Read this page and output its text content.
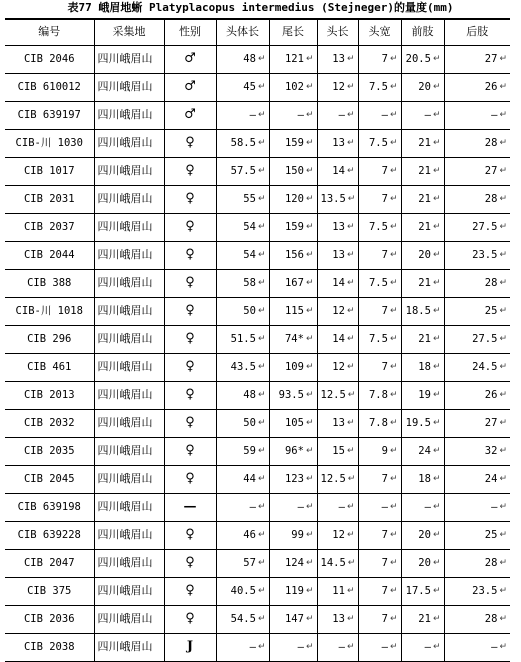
表77 峨眉地蜥 Platyplacopus intermedius (Stejneger)的量度(mm)
编号	采集地	性别	头体长	尾长	头长	头宽	前肢	后肢
CIB 2046	四川峨眉山	♂	48 ↵	121 ↵	13 ↵	7 ↵	20.5 ↵	27 ↵
CIB 610012	四川峨眉山	♂	45 ↵	102 ↵	12 ↵	7.5 ↵	20 ↵	26 ↵
CIB 639197	四川峨眉山	♂	— ↵	— ↵	— ↵	— ↵	— ↵	— ↵
CIB-川 1030	四川峨眉山	♀	58.5 ↵	159 ↵	13 ↵	7.5 ↵	21 ↵	28 ↵
CIB 1017	四川峨眉山	♀	57.5 ↵	150 ↵	14 ↵	7 ↵	21 ↵	27 ↵
CIB 2031	四川峨眉山	♀	55 ↵	120 ↵	13.5 ↵	7 ↵	21 ↵	28 ↵
CIB 2037	四川峨眉山	♀	54 ↵	159 ↵	13 ↵	7.5 ↵	21 ↵	27.5 ↵
CIB 2044	四川峨眉山	♀	54 ↵	156 ↵	13 ↵	7 ↵	20 ↵	23.5 ↵
CIB 388	四川峨眉山	♀	58 ↵	167 ↵	14 ↵	7.5 ↵	21 ↵	28 ↵
CIB-川 1018	四川峨眉山	♀	50 ↵	115 ↵	12 ↵	7 ↵	18.5 ↵	25 ↵
CIB 296	四川峨眉山	♀	51.5 ↵	74* ↵	14 ↵	7.5 ↵	21 ↵	27.5 ↵
CIB 461	四川峨眉山	♀	43.5 ↵	109 ↵	12 ↵	7 ↵	18 ↵	24.5 ↵
CIB 2013	四川峨眉山	♀	48 ↵	93.5 ↵	12.5 ↵	7.8 ↵	19 ↵	26 ↵
CIB 2032	四川峨眉山	♀	50 ↵	105 ↵	13 ↵	7.8 ↵	19.5 ↵	27 ↵
CIB 2035	四川峨眉山	♀	59 ↵	96* ↵	15 ↵	9 ↵	24 ↵	32 ↵
CIB 2045	四川峨眉山	♀	44 ↵	123 ↵	12.5 ↵	7 ↵	18 ↵	24 ↵
CIB 639198	四川峨眉山	—	— ↵	— ↵	— ↵	— ↵	— ↵	— ↵
CIB 639228	四川峨眉山	♀	46 ↵	99 ↵	12 ↵	7 ↵	20 ↵	25 ↵
CIB 2047	四川峨眉山	♀	57 ↵	124 ↵	14.5 ↵	7 ↵	20 ↵	28 ↵
CIB 375	四川峨眉山	♀	40.5 ↵	119 ↵	11 ↵	7 ↵	17.5 ↵	23.5 ↵
CIB 2036	四川峨眉山	♀	54.5 ↵	147 ↵	13 ↵	7 ↵	21 ↵	28 ↵
CIB 2038	四川峨眉山	J	— ↵	— ↵	— ↵	— ↵	— ↵	— ↵
